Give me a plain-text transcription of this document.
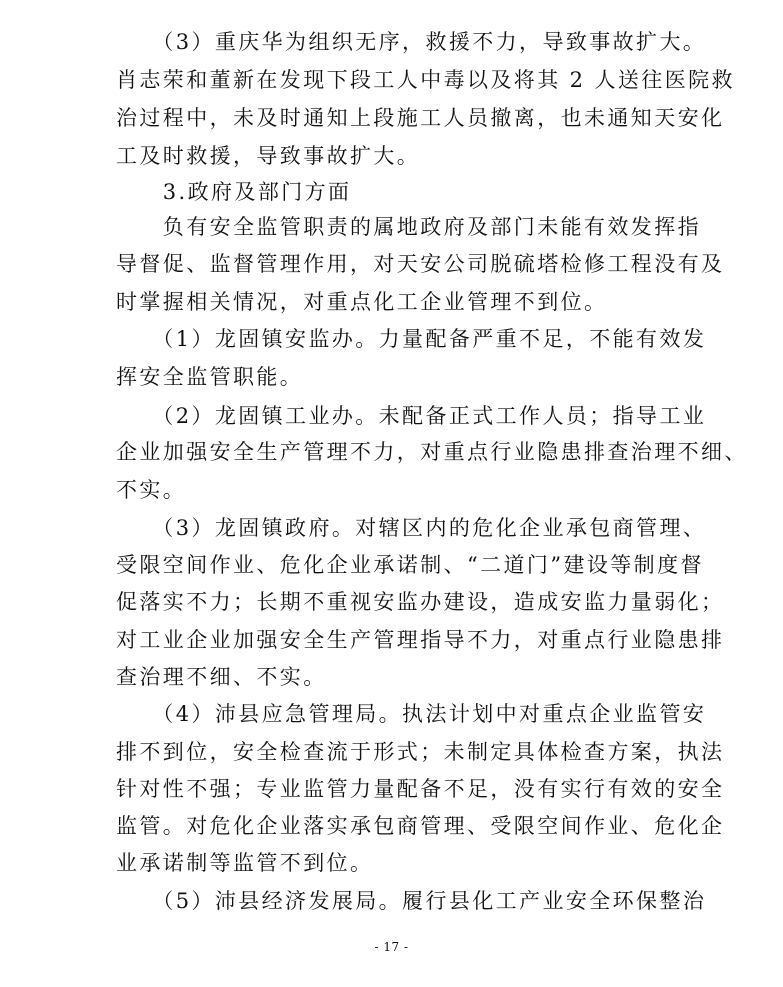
　　（3）重庆华为组织无序，救援不力，导致事故扩大。
肖志荣和董新在发现下段工人中毒以及将其 2 人送往医院救
治过程中，未及时通知上段施工人员撤离，也未通知天安化
工及时救援，导致事故扩大。
　　3.政府及部门方面
　　负有安全监管职责的属地政府及部门未能有效发挥指
导督促、监督管理作用，对天安公司脱硫塔检修工程没有及
时掌握相关情况，对重点化工企业管理不到位。
　　（1）龙固镇安监办。力量配备严重不足，不能有效发
挥安全监管职能。
　　（2）龙固镇工业办。未配备正式工作人员；指导工业
企业加强安全生产管理不力，对重点行业隐患排查治理不细、
不实。
　　（3）龙固镇政府。对辖区内的危化企业承包商管理、
受限空间作业、危化企业承诺制、“二道门”建设等制度督
促落实不力；长期不重视安监办建设，造成安监力量弱化；
对工业企业加强安全生产管理指导不力，对重点行业隐患排
查治理不细、不实。
　　（4）沛县应急管理局。执法计划中对重点企业监管安
排不到位，安全检查流于形式；未制定具体检查方案，执法
针对性不强；专业监管力量配备不足，没有实行有效的安全
监管。对危化企业落实承包商管理、受限空间作业、危化企
业承诺制等监管不到位。
　　（5）沛县经济发展局。履行县化工产业安全环保整治
- 17 -
